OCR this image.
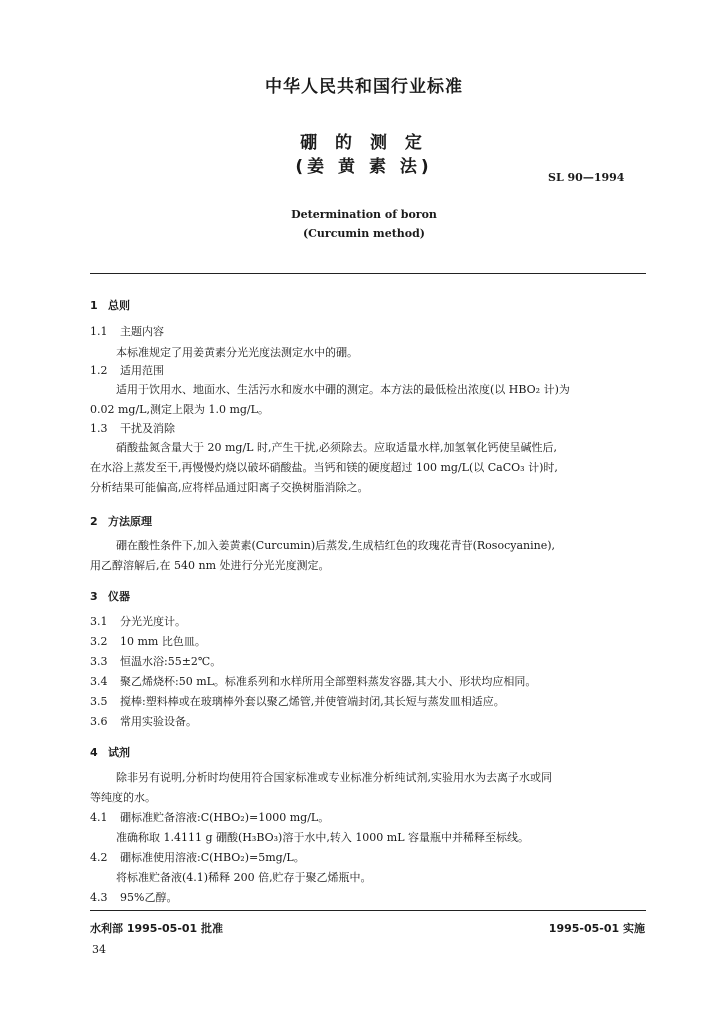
中华人民共和国行业标准
硼 的 测 定
(姜 黄 素 法)
SL 90—1994
Determination of boron
(Curcumin method)
1 总则
1.1 主题内容
本标准规定了用姜黄素分光光度法测定水中的硼。
1.2 适用范围
适用于饮用水、地面水、生活污水和废水中硼的测定。本方法的最低检出浓度(以 HBO₂ 计)为
0.02 mg/L,测定上限为 1.0 mg/L。
1.3 干扰及消除
硝酸盐氮含量大于 20 mg/L 时,产生干扰,必须除去。应取适量水样,加氢氧化钙使呈碱性后,
在水浴上蒸发至干,再慢慢灼烧以破坏硝酸盐。当钙和镁的硬度超过 100 mg/L(以 CaCO₃ 计)时,
分析结果可能偏高,应将样品通过阳离子交换树脂消除之。
2 方法原理
硼在酸性条件下,加入姜黄素(Curcumin)后蒸发,生成桔红色的玫瑰花青苷(Rosocyanine),
用乙醇溶解后,在 540 nm 处进行分光光度测定。
3 仪器
3.1 分光光度计。
3.2 10 mm 比色皿。
3.3 恒温水浴:55±2℃。
3.4 聚乙烯烧杯:50 mL。标准系列和水样所用全部塑料蒸发容器,其大小、形状均应相同。
3.5 搅棒:塑料棒或在玻璃棒外套以聚乙烯管,并使管端封闭,其长短与蒸发皿相适应。
3.6 常用实验设备。
4 试剂
除非另有说明,分析时均使用符合国家标准或专业标准分析纯试剂,实验用水为去离子水或同
等纯度的水。
4.1 硼标准贮备溶液:C(HBO₂)=1000 mg/L。
准确称取 1.4111 g 硼酸(H₃BO₃)溶于水中,转入 1000 mL 容量瓶中并稀释至标线。
4.2 硼标准使用溶液:C(HBO₂)=5mg/L。
将标准贮备液(4.1)稀释 200 倍,贮存于聚乙烯瓶中。
4.3 95%乙醇。
水利部 1995-05-01 批准	1995-05-01 实施
34
